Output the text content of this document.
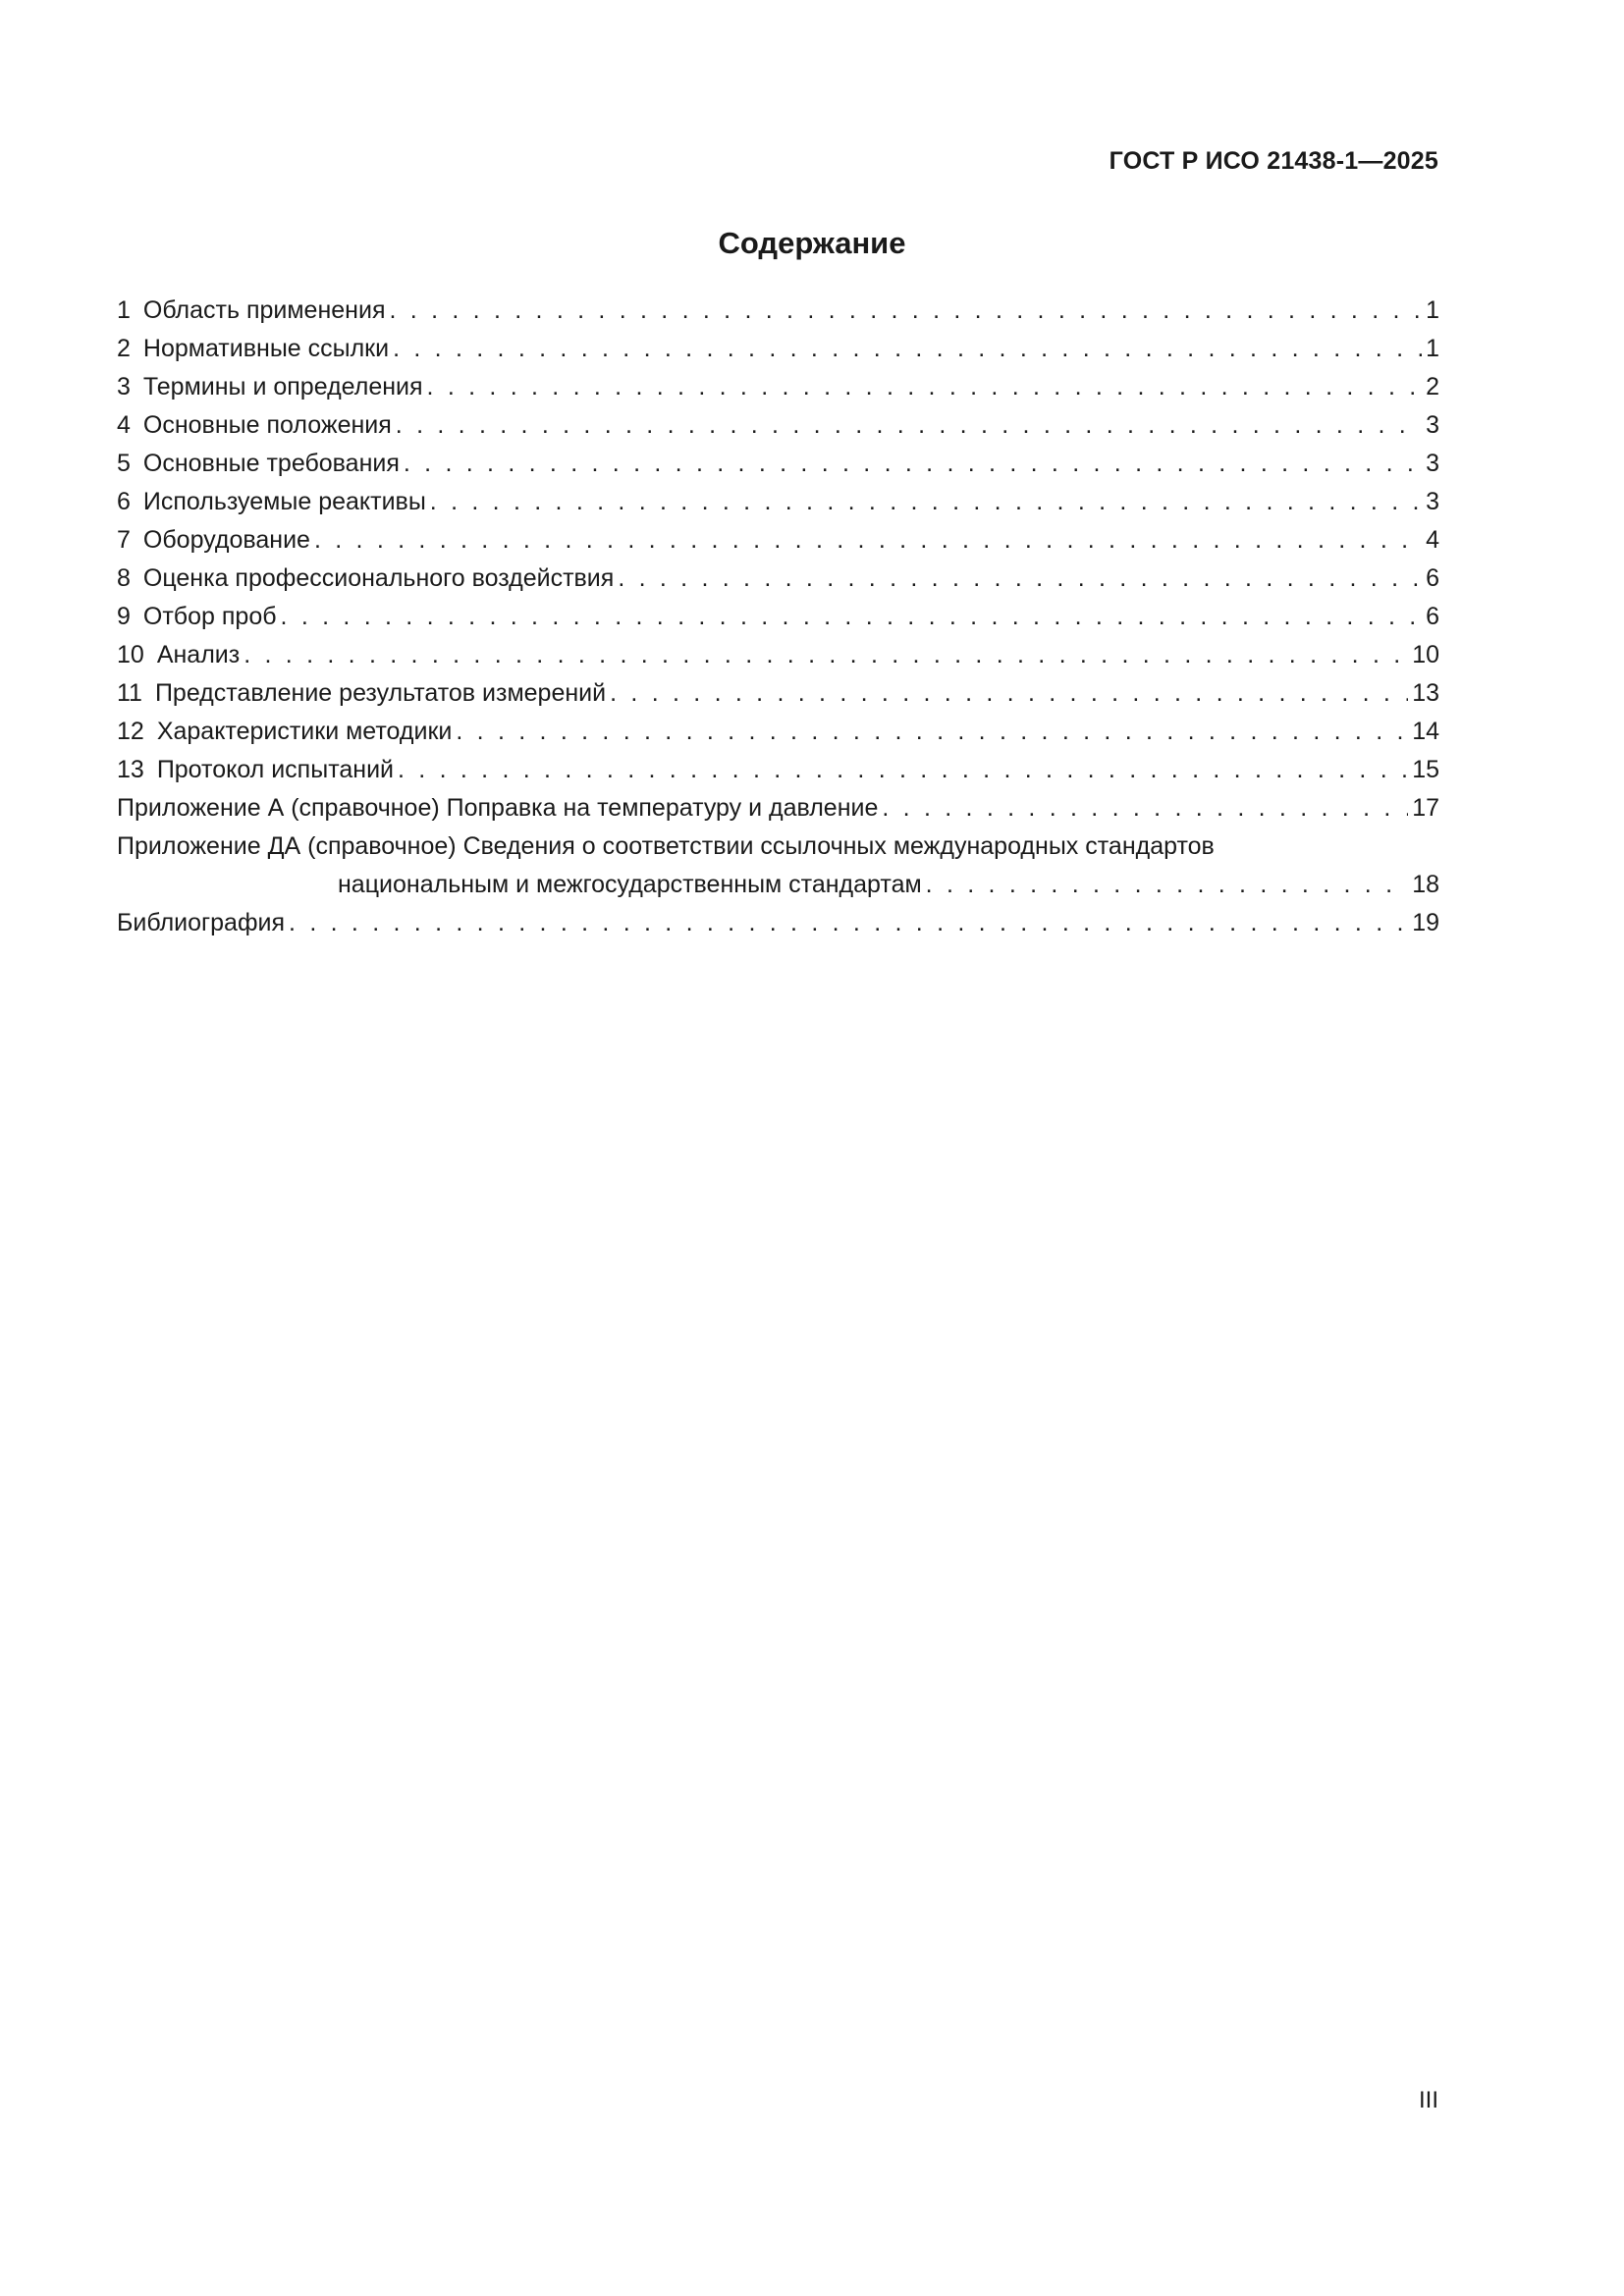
ГОСТ Р ИСО 21438-1—2025
Содержание
1 Область применения . . .	1
2 Нормативные ссылки . . .	1
3 Термины и определения . . .	2
4 Основные положения . . .	3
5 Основные требования . . .	3
6 Используемые реактивы . . .	3
7 Оборудование . . .	4
8 Оценка профессионального воздействия . . .	6
9 Отбор проб . . .	6
10 Анализ . . .	10
11 Представление результатов измерений . . .	13
12 Характеристики методики . . .	14
13 Протокол испытаний . . .	15
Приложение А (справочное) Поправка на температуру и давление . . .	17
Приложение ДА (справочное) Сведения о соответствии ссылочных международных стандартов
национальным и межгосударственным стандартам . . .	18
Библиография . . .	19
III
